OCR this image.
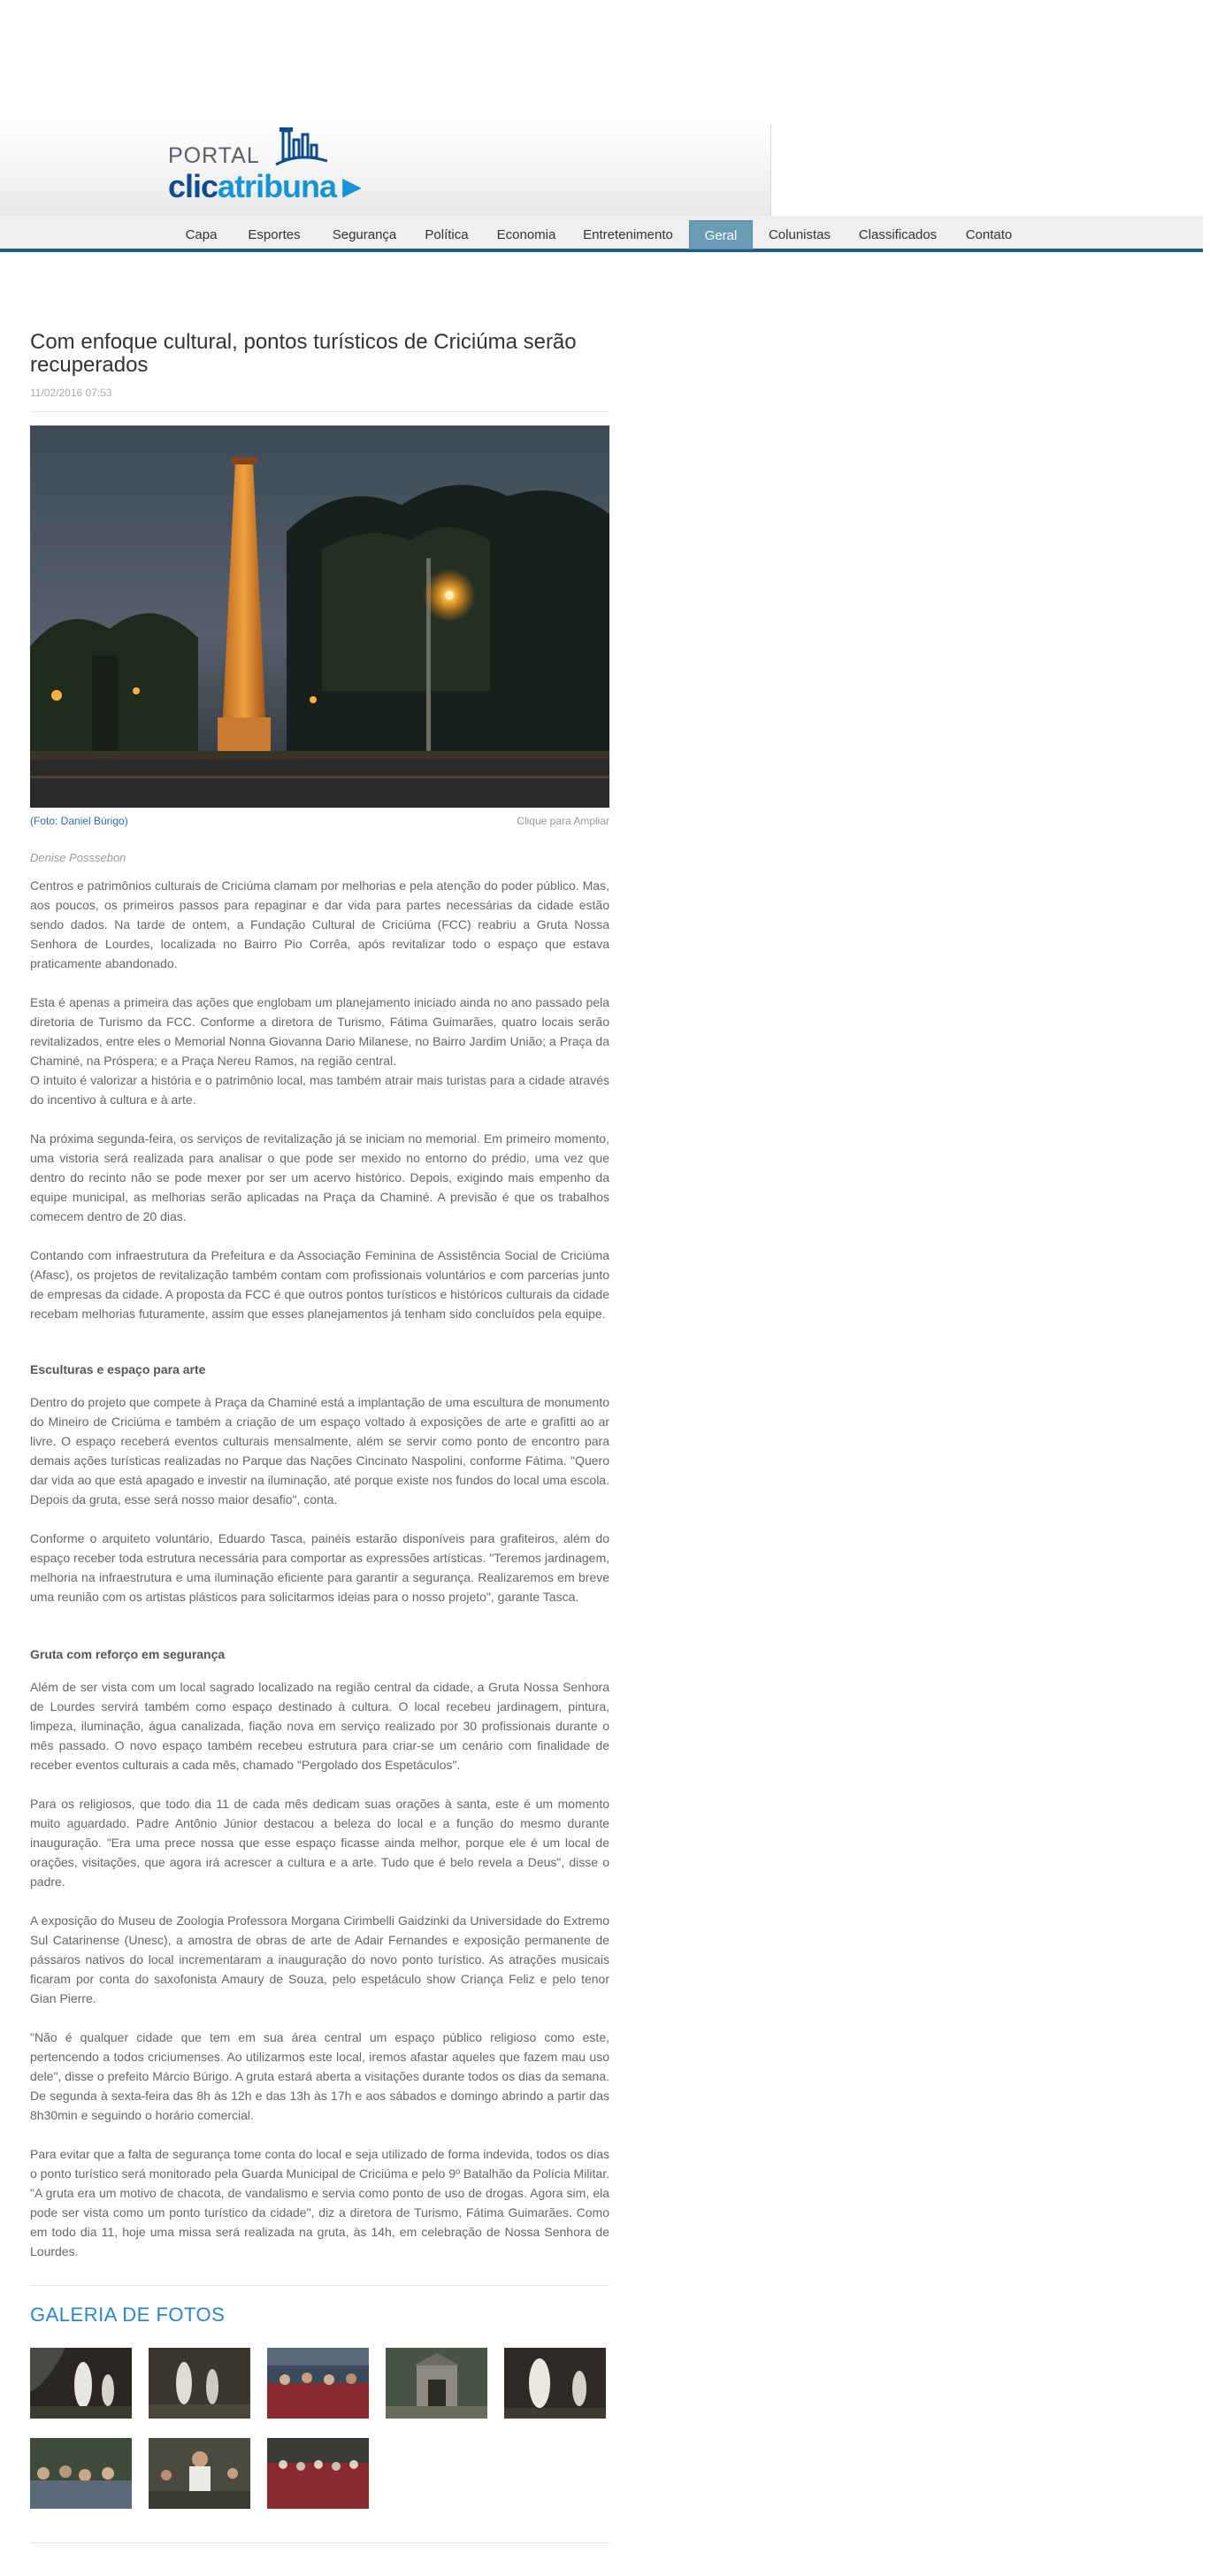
PORTAL
clicatribuna►
Capa	Esportes	Segurança	Política	Economia	Entretenimento	Geral	Colunistas	Classificados	Contato
Com enfoque cultural, pontos turísticos de Criciúma serão recuperados
11/02/2016 07:53
(Foto: Daniel Búrigo)	Clique para Ampliar
Denise Posssebon

Centros e patrimônios culturais de Criciúma clamam por melhorias e pela atenção do poder público. Mas, aos poucos, os primeiros passos para repaginar e dar vida para partes necessárias da cidade estão sendo dados. Na tarde de ontem, a Fundação Cultural de Criciúma (FCC) reabriu a Gruta Nossa Senhora de Lourdes, localizada no Bairro Pio Corrêa, após revitalizar todo o espaço que estava praticamente abandonado.

Esta é apenas a primeira das ações que englobam um planejamento iniciado ainda no ano passado pela diretoria de Turismo da FCC. Conforme a diretora de Turismo, Fátima Guimarães, quatro locais serão revitalizados, entre eles o Memorial Nonna Giovanna Dario Milanese, no Bairro Jardim União; a Praça da Chaminé, na Próspera; e a Praça Nereu Ramos, na região central.
O intuito é valorizar a história e o patrimônio local, mas também atrair mais turistas para a cidade através do incentivo à cultura e à arte.

Na próxima segunda-feira, os serviços de revitalização já se iniciam no memorial. Em primeiro momento, uma vistoria será realizada para analisar o que pode ser mexido no entorno do prédio, uma vez que dentro do recinto não se pode mexer por ser um acervo histórico. Depois, exigindo mais empenho da equipe municipal, as melhorias serão aplicadas na Praça da Chaminé. A previsão é que os trabalhos comecem dentro de 20 dias.

Contando com infraestrutura da Prefeitura e da Associação Feminina de Assistência Social de Criciúma (Afasc), os projetos de revitalização também contam com profissionais voluntários e com parcerias junto de empresas da cidade. A proposta da FCC é que outros pontos turísticos e históricos culturais da cidade recebam melhorias futuramente, assim que esses planejamentos já tenham sido concluídos pela equipe.

Esculturas e espaço para arte

Dentro do projeto que compete à Praça da Chaminé está a implantação de uma escultura de monumento do Mineiro de Criciúma e também a criação de um espaço voltado à exposições de arte e grafitti ao ar livre. O espaço receberá eventos culturais mensalmente, além se servir como ponto de encontro para demais ações turísticas realizadas no Parque das Nações Cincinato Naspolini, conforme Fátima. "Quero dar vida ao que está apagado e investir na iluminação, até porque existe nos fundos do local uma escola. Depois da gruta, esse será nosso maior desafio", conta.

Conforme o arquiteto voluntário, Eduardo Tasca, painéis estarão disponíveis para grafiteiros, além do espaço receber toda estrutura necessária para comportar as expressões artísticas. "Teremos jardinagem, melhoria na infraestrutura e uma iluminação eficiente para garantir a segurança. Realizaremos em breve uma reunião com os artistas plásticos para solicitarmos ideias para o nosso projeto", garante Tasca.

Gruta com reforço em segurança

Além de ser vista com um local sagrado localizado na região central da cidade, a Gruta Nossa Senhora de Lourdes servirá também como espaço destinado à cultura. O local recebeu jardinagem, pintura, limpeza, iluminação, água canalizada, fiação nova em serviço realizado por 30 profissionais durante o mês passado. O novo espaço também recebeu estrutura para criar-se um cenário com finalidade de receber eventos culturais a cada mês, chamado "Pergolado dos Espetáculos".

Para os religiosos, que todo dia 11 de cada mês dedicam suas orações à santa, este é um momento muito aguardado. Padre Antônio Júnior destacou a beleza do local e a função do mesmo durante inauguração. "Era uma prece nossa que esse espaço ficasse ainda melhor, porque ele é um local de orações, visitações, que agora irá acrescer a cultura e a arte. Tudo que é belo revela a Deus", disse o padre.

A exposição do Museu de Zoologia Professora Morgana Cirimbelli Gaidzinki da Universidade do Extremo Sul Catarinense (Unesc), a amostra de obras de arte de Adair Fernandes e exposição permanente de pássaros nativos do local incrementaram a inauguração do novo ponto turístico. As atrações musicais ficaram por conta do saxofonista Amaury de Souza, pelo espetáculo show Criança Feliz e pelo tenor Gian Pierre.

"Não é qualquer cidade que tem em sua área central um espaço público religioso como este, pertencendo a todos criciumenses. Ao utilizarmos este local, iremos afastar aqueles que fazem mau uso dele", disse o prefeito Márcio Búrigo. A gruta estará aberta a visitações durante todos os dias da semana. De segunda à sexta-feira das 8h às 12h e das 13h às 17h e aos sábados e domingo abrindo a partir das 8h30min e seguindo o horário comercial.

Para evitar que a falta de segurança tome conta do local e seja utilizado de forma indevida, todos os dias o ponto turístico será monitorado pela Guarda Municipal de Criciúma e pelo 9º Batalhão da Polícia Militar. "A gruta era um motivo de chacota, de vandalismo e servia como ponto de uso de drogas. Agora sim, ela pode ser vista como um ponto turístico da cidade", diz a diretora de Turismo, Fátima Guimarães. Como em todo dia 11, hoje uma missa será realizada na gruta, às 14h, em celebração de Nossa Senhora de Lourdes.

GALERIA DE FOTOS
